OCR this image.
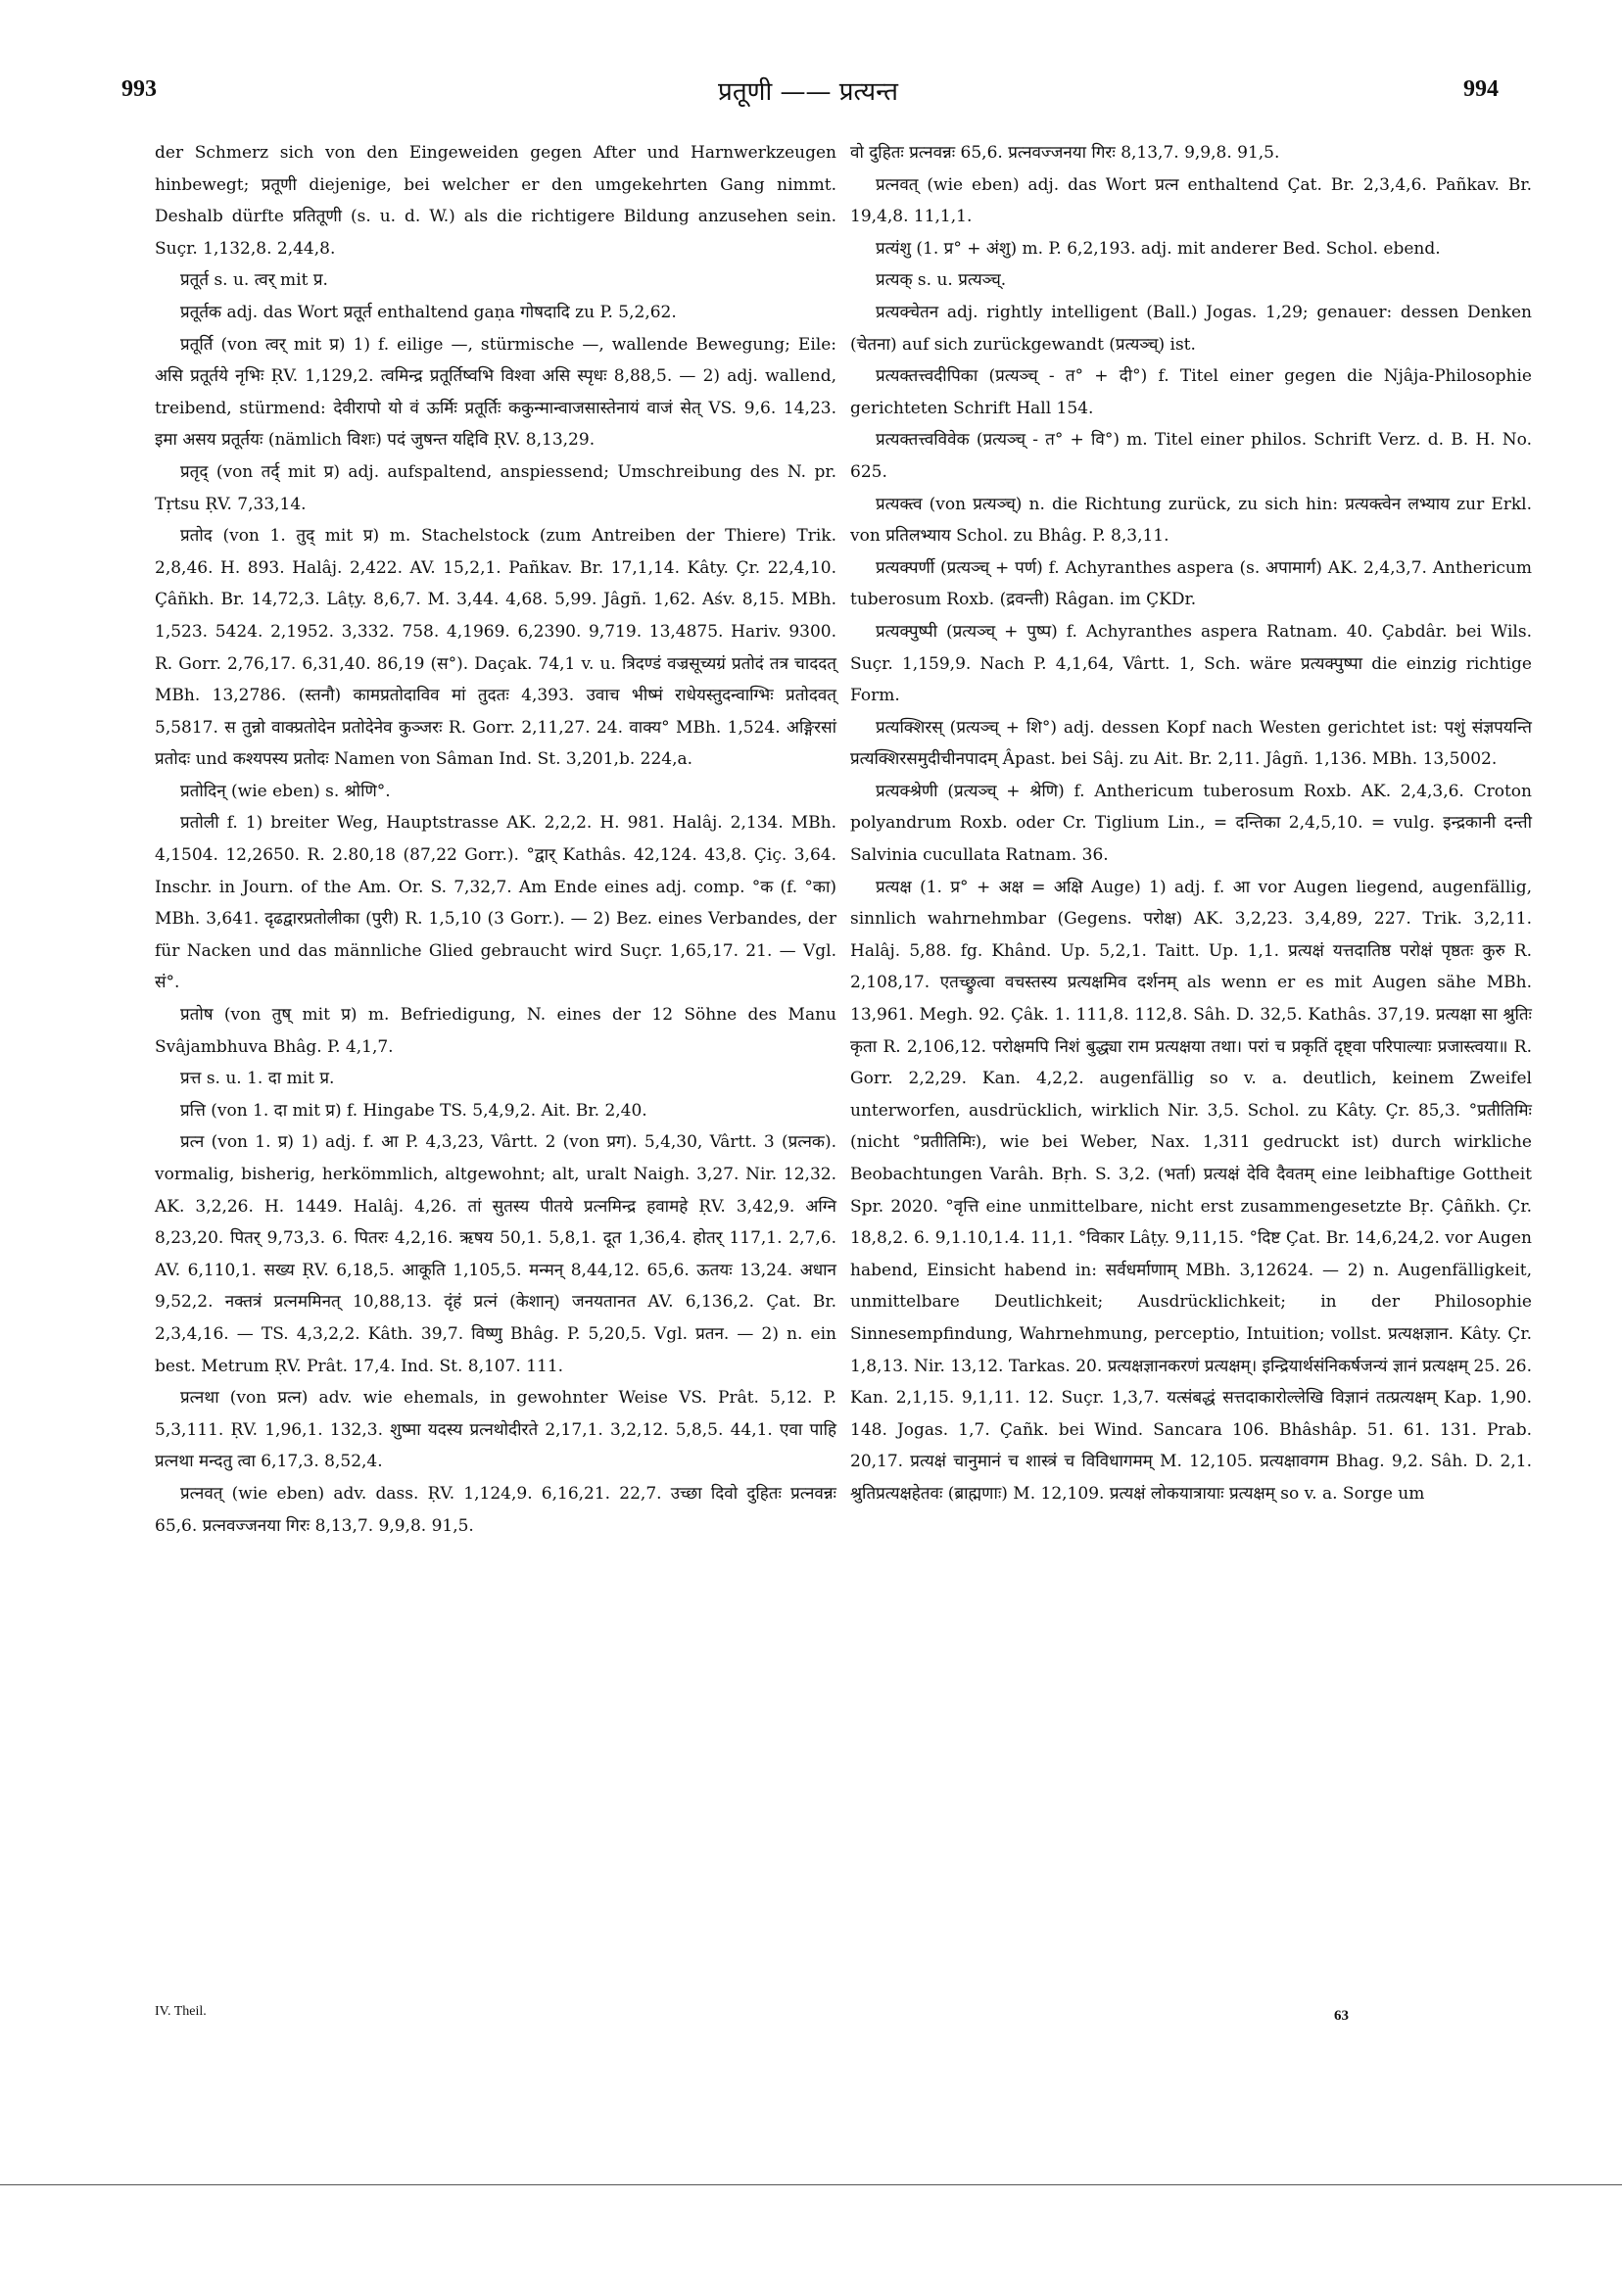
993	प्रतूणी —— प्रत्यन्त	994

der Schmerz sich von den Eingeweiden gegen After und Harnwerkzeugen hinbewegt; प्रतूणी diejenige, bei welcher er den umgekehrten Gang nimmt. Deshalb dürfte प्रतितूणी (s. u. d. W.) als die richtigere Bildung anzusehen sein. Suçr. 1,132,8. 2,44,8.

प्रतूर्त s. u. त्वर् mit प्र.

प्रतूर्तक adj. das Wort प्रतूर्त enthaltend gaṇa गोषदादि zu P. 5,2,62.

प्रतूर्ति (von त्वर् mit प्र) 1) f. eilige —, stürmische —, wallende Bewegung; Eile: असि प्रतूर्तये नृभिः ṚV. 1,129,2. त्वमिन्द्र प्रतूर्तिष्वभि विश्वा असि स्पृधः 8,88,5. — 2) adj. wallend, treibend, stürmend: देवीरापो यो वं ऊर्मिः प्रतूर्तिः ककुन्मान्वाजसास्तेनायं वाजं सेत् VS. 9,6. 14,23. इमा असय प्रतूर्तयः (nämlich विशः) पदं जुषन्त यद्दिवि ṚV. 8,13,29.

प्रतृद् (von तर्द् mit प्र) adj. aufspaltend, anspiessend; Umschreibung des N. pr. Tṛtsu ṚV. 7,33,14.

प्रतोद (von 1. तुद् mit प्र) m. Stachelstock (zum Antreiben der Thiere) Trik. 2,8,46. H. 893. Halâj. 2,422. AV. 15,2,1. Pañkav. Br. 17,1,14. Kâty. Çr. 22,4,10. Çâñkh. Br. 14,72,3. Lâṭy. 8,6,7. M. 3,44. 4,68. 5,99. Jâgñ. 1,62. Aśv. 8,15. MBh. 1,523. 5424. 2,1952. 3,332. 758. 4,1969. 6,2390. 9,719. 13,4875. Hariv. 9300. R. Gorr. 2,76,17. 6,31,40. 86,19 (स°). Daçak. 74,1 v. u. त्रिदण्डं वज्रसूच्यग्रं प्रतोदं तत्र चाददत् MBh. 13,2786. (स्तनौ) कामप्रतोदाविव मां तुदतः 4,393. उवाच भीष्मं राधेयस्तुदन्वाग्भिः प्रतोदवत् 5,5817. स तुन्नो वाक्प्रतोदेन प्रतोदेनेव कुञ्जरः R. Gorr. 2,11,27. 24. वाक्य° MBh. 1,524. अङ्गिरसां प्रतोदः und कश्यपस्य प्रतोदः Namen von Sâman Ind. St. 3,201,b. 224,a.

प्रतोदिन् (wie eben) s. श्रोणि°.

प्रतोली f. 1) breiter Weg, Hauptstrasse AK. 2,2,2. H. 981. Halâj. 2,134. MBh. 4,1504. 12,2650. R. 2.80,18 (87,22 Gorr.). °द्वार् Kathâs. 42,124. 43,8. Çiç. 3,64. Inschr. in Journ. of the Am. Or. S. 7,32,7. Am Ende eines adj. comp. °क (f. °का) MBh. 3,641. दृढद्वारप्रतोलीका (पुरी) R. 1,5,10 (3 Gorr.). — 2) Bez. eines Verbandes, der für Nacken und das männliche Glied gebraucht wird Suçr. 1,65,17. 21. — Vgl. सं°.

प्रतोष (von तुष् mit प्र) m. Befriedigung, N. eines der 12 Söhne des Manu Svâjambhuva Bhâg. P. 4,1,7.

प्रत्त s. u. 1. दा mit प्र.

प्रत्ति (von 1. दा mit प्र) f. Hingabe TS. 5,4,9,2. Ait. Br. 2,40.

प्रत्न (von 1. प्र) 1) adj. f. आ P. 4,3,23, Vârtt. 2 (von प्रग). 5,4,30, Vârtt. 3 (प्रत्नक). vormalig, bisherig, herkömmlich, altgewohnt; alt, uralt Naigh. 3,27. Nir. 12,32. AK. 3,2,26. H. 1449. Halâj. 4,26. तां सुतस्य पीतये प्रत्नमिन्द्र हवामहे ṚV. 3,42,9. अग्नि 8,23,20. पितर् 9,73,3. 6. पितरः 4,2,16. ऋषय 50,1. 5,8,1. दूत 1,36,4. होतर् 117,1. 2,7,6. AV. 6,110,1. सख्य ṚV. 6,18,5. आकूति 1,105,5. मन्मन् 8,44,12. 65,6. ऊतयः 13,24. अधान 9,52,2. नक्तत्रं प्रत्नममिनत् 10,88,13. दृंहं प्रत्नं (केशान्) जनयतानत AV. 6,136,2. Çat. Br. 2,3,4,16. — TS. 4,3,2,2. Kâth. 39,7. विष्णु Bhâg. P. 5,20,5. Vgl. प्रतन. — 2) n. ein best. Metrum ṚV. Prât. 17,4. Ind. St. 8,107. 111.

प्रत्नथा (von प्रत्न) adv. wie ehemals, in gewohnter Weise VS. Prât. 5,12. P. 5,3,111. ṚV. 1,96,1. 132,3. शुष्मा यदस्य प्रत्नथोदीरते 2,17,1. 3,2,12. 5,8,5. 44,1. एवा पाहि प्रत्नथा मन्दतु त्वा 6,17,3. 8,52,4.

प्रत्नवत् (wie eben) adv. dass. ṚV. 1,124,9. 6,16,21. 22,7. उच्छा दिवो दुहितः प्रत्नवन्नः 65,6. प्रत्नवज्जनया गिरः 8,13,7. 9,9,8. 91,5.

वो दुहितः प्रत्नवन्नः 65,6. प्रत्नवज्जनया गिरः 8,13,7. 9,9,8. 91,5.

प्रत्नवत् (wie eben) adj. das Wort प्रत्न enthaltend Çat. Br. 2,3,4,6. Pañkav. Br. 19,4,8. 11,1,1.

प्रत्यंशु (1. प्र° + अंशु) m. P. 6,2,193. adj. mit anderer Bed. Schol. ebend.

प्रत्यक् s. u. प्रत्यञ्च्.

प्रत्यक्चेतन adj. rightly intelligent (Ball.) Jogas. 1,29; genauer: dessen Denken (चेतना) auf sich zurückgewandt (प्रत्यञ्च्) ist.

प्रत्यक्तत्त्वदीपिका (प्रत्यञ्च् - त° + दी°) f. Titel einer gegen die Njâja-Philosophie gerichteten Schrift Hall 154.

प्रत्यक्तत्त्वविवेक (प्रत्यञ्च् - त° + वि°) m. Titel einer philos. Schrift Verz. d. B. H. No. 625.

प्रत्यक्त्व (von प्रत्यञ्च्) n. die Richtung zurück, zu sich hin: प्रत्यक्त्वेन लभ्याय zur Erkl. von प्रतिलभ्याय Schol. zu Bhâg. P. 8,3,11.

प्रत्यक्पर्णी (प्रत्यञ्च् + पर्ण) f. Achyranthes aspera (s. अपामार्ग) AK. 2,4,3,7. Anthericum tuberosum Roxb. (द्रवन्ती) Râgan. im ÇKDr.

प्रत्यक्पुष्पी (प्रत्यञ्च् + पुष्प) f. Achyranthes aspera Ratnam. 40. Çabdâr. bei Wils. Suçr. 1,159,9. Nach P. 4,1,64, Vârtt. 1, Sch. wäre प्रत्यक्पुष्पा die einzig richtige Form.

प्रत्यक्शिरस् (प्रत्यञ्च् + शि°) adj. dessen Kopf nach Westen gerichtet ist: पशुं संज्ञपयन्ति प्रत्यक्शिरसमुदीचीनपादम् Âpast. bei Sâj. zu Ait. Br. 2,11. Jâgñ. 1,136. MBh. 13,5002.

प्रत्यक्श्रेणी (प्रत्यञ्च् + श्रेणि) f. Anthericum tuberosum Roxb. AK. 2,4,3,6. Croton polyandrum Roxb. oder Cr. Tiglium Lin., = दन्तिका 2,4,5,10. = vulg. इन्द्रकानी दन्ती Salvinia cucullata Ratnam. 36.

प्रत्यक्ष (1. प्र° + अक्ष = अक्षि Auge) 1) adj. f. आ vor Augen liegend, augenfällig, sinnlich wahrnehmbar (Gegens. परोक्ष) AK. 3,2,23. 3,4,89, 227. Trik. 3,2,11. Halâj. 5,88. fg. Khând. Up. 5,2,1. Taitt. Up. 1,1. प्रत्यक्षं यत्तदातिष्ठ परोक्षं पृष्ठतः कुरु R. 2,108,17. एतच्छ्रुत्वा वचस्तस्य प्रत्यक्षमिव दर्शनम् als wenn er es mit Augen sähe MBh. 13,961. Megh. 92. Çâk. 1. 111,8. 112,8. Sâh. D. 32,5. Kathâs. 37,19. प्रत्यक्षा सा श्रुतिः कृता R. 2,106,12. परोक्षमपि निशं बुद्ध्या राम प्रत्यक्षया तथा। परां च प्रकृतिं दृष्ट्वा परिपाल्याः प्रजास्त्वया॥ R. Gorr. 2,2,29. Kan. 4,2,2. augenfällig so v. a. deutlich, keinem Zweifel unterworfen, ausdrücklich, wirklich Nir. 3,5. Schol. zu Kâty. Çr. 85,3. °प्रतीतिमिः (nicht °प्रतीतिमिः), wie bei Weber, Nax. 1,311 gedruckt ist) durch wirkliche Beobachtungen Varâh. Bṛh. S. 3,2. (भर्ता) प्रत्यक्षं देवि दैवतम् eine leibhaftige Gottheit Spr. 2020. °वृत्ति eine unmittelbare, nicht erst zusammengesetzte Bṛ. Çâñkh. Çr. 18,8,2. 6. 9,1.10,1.4. 11,1. °विकार Lâṭy. 9,11,15. °दिष्ट Çat. Br. 14,6,24,2. vor Augen habend, Einsicht habend in: सर्वधर्माणाम् MBh. 3,12624. — 2) n. Augenfälligkeit, unmittelbare Deutlichkeit; Ausdrücklichkeit; in der Philosophie Sinnesempfindung, Wahrnehmung, perceptio, Intuition; vollst. प्रत्यक्षज्ञान. Kâty. Çr. 1,8,13. Nir. 13,12. Tarkas. 20. प्रत्यक्षज्ञानकरणं प्रत्यक्षम्। इन्द्रियार्थसंनिकर्षजन्यं ज्ञानं प्रत्यक्षम् 25. 26. Kan. 2,1,15. 9,1,11. 12. Suçr. 1,3,7. यत्संबद्धं सत्तदाकारोल्लेखि विज्ञानं तत्प्रत्यक्षम् Kap. 1,90. 148. Jogas. 1,7. Çañk. bei Wind. Sancara 106. Bhâshâp. 51. 61. 131. Prab. 20,17. प्रत्यक्षं चानुमानं च शास्त्रं च विविधागमम् M. 12,105. प्रत्यक्षावगम Bhag. 9,2. Sâh. D. 2,1. श्रुतिप्रत्यक्षहेतवः (ब्राह्मणाः) M. 12,109. प्रत्यक्षं लोकयात्रायाः प्रत्यक्षम् so v. a. Sorge um

IV. Theil.	63
